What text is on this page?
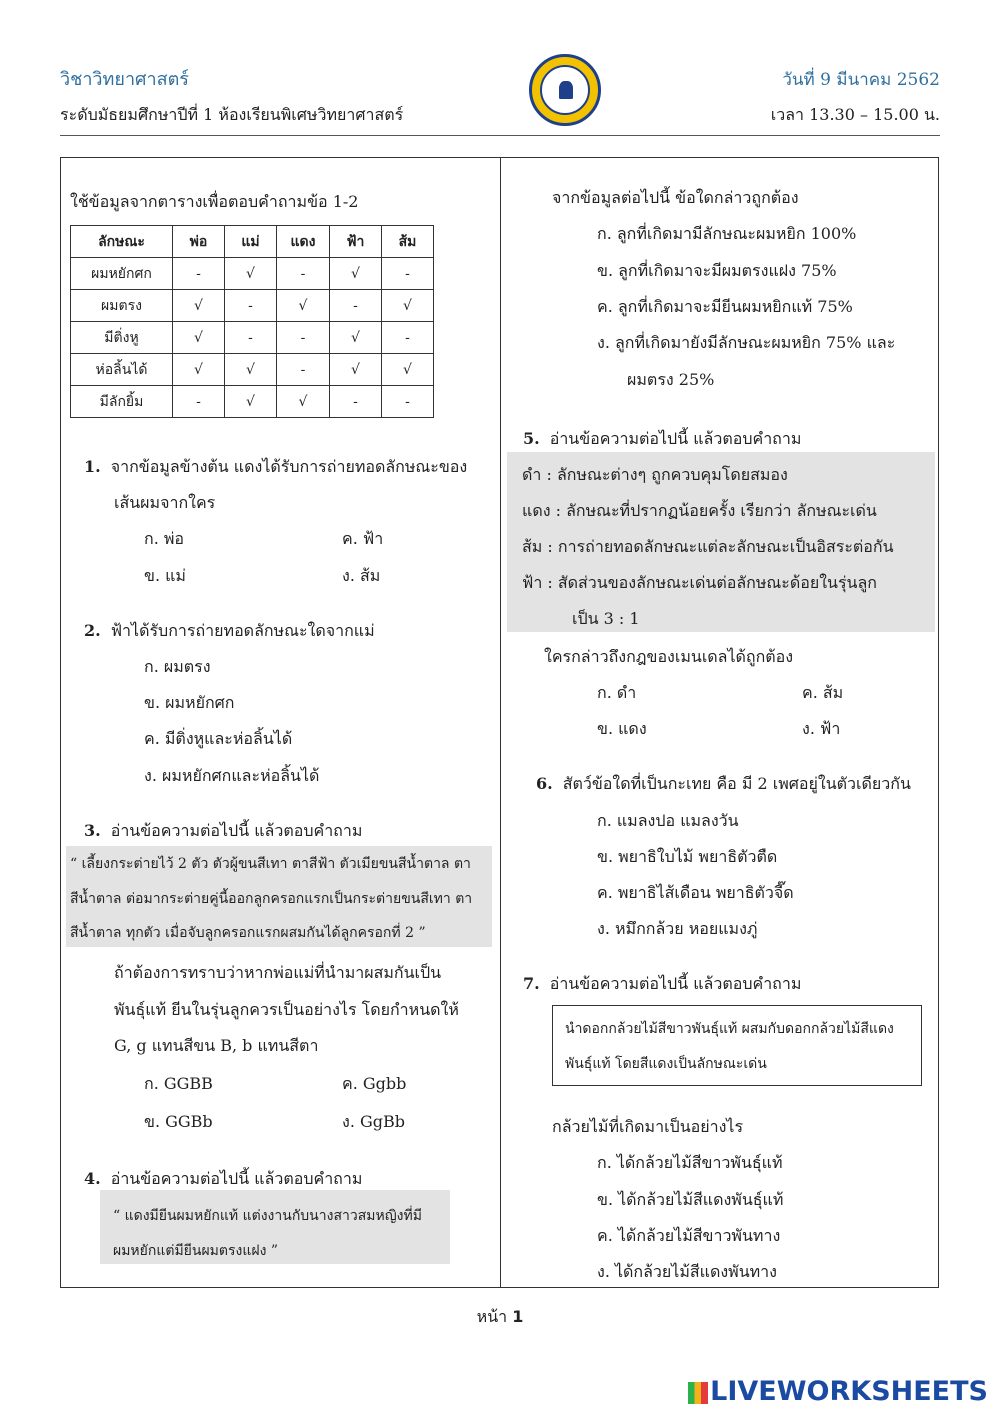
วิชาวิทยาศาสตร์
ระดับมัธยมศึกษาปีที่ 1 ห้องเรียนพิเศษวิทยาศาสตร์
วันที่ 9 มีนาคม 2562
เวลา 13.30 – 15.00 น.
ใช้ข้อมูลจากตารางเพื่อตอบคำถามข้อ 1-2
ลักษณะ	พ่อ	แม่	แดง	ฟ้า	ส้ม
ผมหยักศก	-	√	-	√	-
ผมตรง	√	-	√	-	√
มีติ่งหู	√	-	-	√	-
ห่อลิ้นได้	√	√	-	√	√
มีลักยิ้ม	-	√	√	-	-
1. จากข้อมูลข้างต้น แดงได้รับการถ่ายทอดลักษณะของ
เส้นผมจากใคร
ก. พ่อ	ค. ฟ้า
ข. แม่	ง. ส้ม
2. ฟ้าได้รับการถ่ายทอดลักษณะใดจากแม่
ก. ผมตรง
ข. ผมหยักศก
ค. มีติ่งหูและห่อลิ้นได้
ง. ผมหยักศกและห่อลิ้นได้
3. อ่านข้อความต่อไปนี้ แล้วตอบคำถาม
“ เลี้ยงกระต่ายไว้ 2 ตัว ตัวผู้ขนสีเทา ตาสีฟ้า ตัวเมียขนสีน้ำตาล ตา
สีน้ำตาล ต่อมากระต่ายคู่นี้ออกลูกครอกแรกเป็นกระต่ายขนสีเทา ตา
สีน้ำตาล ทุกตัว เมื่อจับลูกครอกแรกผสมกันได้ลูกครอกที่ 2 ”
ถ้าต้องการทราบว่าหากพ่อแม่ที่นำมาผสมกันเป็น
พันธุ์แท้ ยีนในรุ่นลูกควรเป็นอย่างไร โดยกำหนดให้
G, g แทนสีขน B, b แทนสีตา
ก. GGBB	ค. Ggbb
ข. GGBb	ง. GgBb
4. อ่านข้อความต่อไปนี้ แล้วตอบคำถาม
“ แดงมียีนผมหยักแท้ แต่งงานกับนางสาวสมหญิงที่มี
ผมหยักแต่มียีนผมตรงแฝง ”
จากข้อมูลต่อไปนี้ ข้อใดกล่าวถูกต้อง
ก. ลูกที่เกิดมามีลักษณะผมหยิก 100%
ข. ลูกที่เกิดมาจะมีผมตรงแฝง 75%
ค. ลูกที่เกิดมาจะมียีนผมหยิกแท้ 75%
ง. ลูกที่เกิดมายังมีลักษณะผมหยิก 75% และ
ผมตรง 25%
5. อ่านข้อความต่อไปนี้ แล้วตอบคำถาม
ดำ : ลักษณะต่างๆ ถูกควบคุมโดยสมอง
แดง : ลักษณะที่ปรากฏน้อยครั้ง เรียกว่า ลักษณะเด่น
ส้ม : การถ่ายทอดลักษณะแต่ละลักษณะเป็นอิสระต่อกัน
ฟ้า : สัดส่วนของลักษณะเด่นต่อลักษณะด้อยในรุ่นลูก
เป็น 3 : 1
ใครกล่าวถึงกฎของเมนเดลได้ถูกต้อง
ก. ดำ	ค. ส้ม
ข. แดง	ง. ฟ้า
6. สัตว์ข้อใดที่เป็นกะเทย คือ มี 2 เพศอยู่ในตัวเดียวกัน
ก. แมลงปอ แมลงวัน
ข. พยาธิใบไม้ พยาธิตัวตืด
ค. พยาธิไส้เดือน พยาธิตัวจี๊ด
ง. หมึกกล้วย หอยแมงภู่
7. อ่านข้อความต่อไปนี้ แล้วตอบคำถาม
นำดอกกล้วยไม้สีขาวพันธุ์แท้ ผสมกับดอกกล้วยไม้สีแดง
พันธุ์แท้ โดยสีแดงเป็นลักษณะเด่น
กล้วยไม้ที่เกิดมาเป็นอย่างไร
ก. ได้กล้วยไม้สีขาวพันธุ์แท้
ข. ได้กล้วยไม้สีแดงพันธุ์แท้
ค. ได้กล้วยไม้สีขาวพันทาง
ง. ได้กล้วยไม้สีแดงพันทาง
หน้า 1
LIVEWORKSHEETS
